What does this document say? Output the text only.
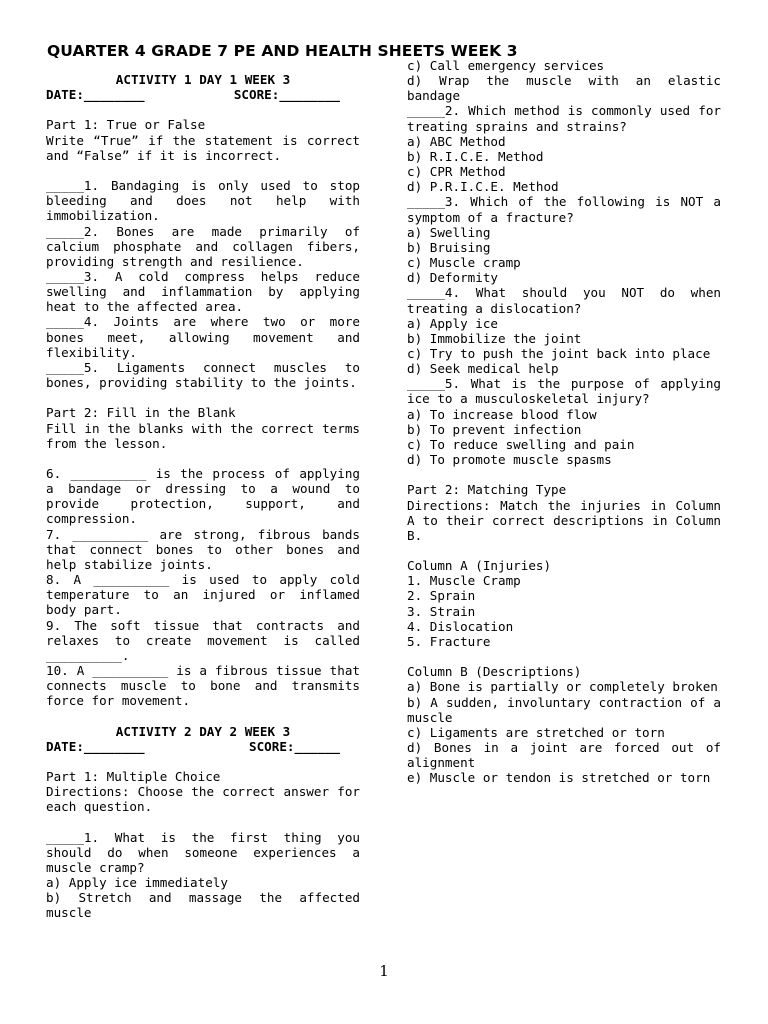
QUARTER 4 GRADE 7 PE AND HEALTH SHEETS WEEK 3

ACTIVITY 1 DAY 1 WEEK 3

DATE:________	SCORE:________

Part 1: True or False

Write “True” if the statement is correct and “False” if it is incorrect.

_____1. Bandaging is only used to stop bleeding and does not help with immobilization.

_____2. Bones are made primarily of calcium phosphate and collagen fibers, providing strength and resilience.

_____3. A cold compress helps reduce swelling and inflammation by applying heat to the affected area.

_____4. Joints are where two or more bones meet, allowing movement and flexibility.

_____5. Ligaments connect muscles to bones, providing stability to the joints.

Part 2: Fill in the Blank

Fill in the blanks with the correct terms from the lesson.

6. __________ is the process of applying a bandage or dressing to a wound to provide protection, support, and compression.

7. __________ are strong, fibrous bands that connect bones to other bones and help stabilize joints.

8. A __________ is used to apply cold temperature to an injured or inflamed body part.

9. The soft tissue that contracts and relaxes to create movement is called __________.

10. A __________ is a fibrous tissue that connects muscle to bone and transmits force for movement.

ACTIVITY 2 DAY 2 WEEK 3

DATE:________	SCORE:______

Part 1: Multiple Choice

Directions: Choose the correct answer for each question.

_____1. What is the first thing you should do when someone experiences a muscle cramp?

a) Apply ice immediately

b) Stretch and massage the affected muscle

c) Call emergency services

d) Wrap the muscle with an elastic bandage

_____2. Which method is commonly used for treating sprains and strains?

a) ABC Method

b) R.I.C.E. Method

c) CPR Method

d) P.R.I.C.E. Method

_____3. Which of the following is NOT a symptom of a fracture?

a) Swelling

b) Bruising

c) Muscle cramp

d) Deformity

_____4. What should you NOT do when treating a dislocation?

a) Apply ice

b) Immobilize the joint

c) Try to push the joint back into place

d) Seek medical help

_____5. What is the purpose of applying ice to a musculoskeletal injury?

a) To increase blood flow

b) To prevent infection

c) To reduce swelling and pain

d) To promote muscle spasms

Part 2: Matching Type

Directions: Match the injuries in Column A to their correct descriptions in Column B.

Column A (Injuries)

1. Muscle Cramp

2. Sprain

3. Strain

4. Dislocation

5. Fracture

Column B (Descriptions)

a) Bone is partially or completely broken

b) A sudden, involuntary contraction of a muscle

c) Ligaments are stretched or torn

d) Bones in a joint are forced out of alignment

e) Muscle or tendon is stretched or torn

1
